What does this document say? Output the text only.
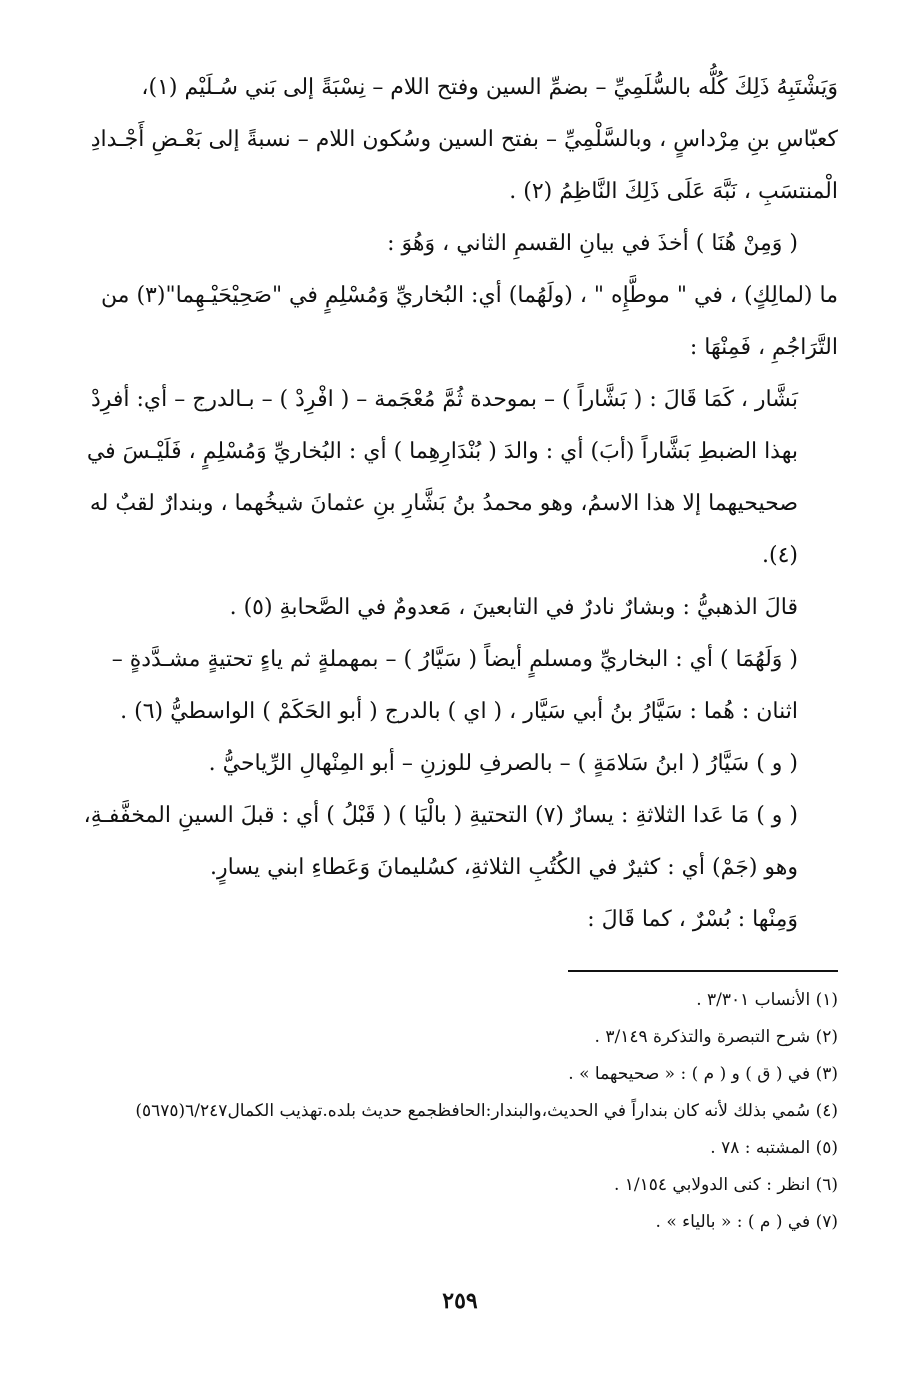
وَيَشْتَبِهُ ذَلِكَ كُلُّه بالسُّلَمِيِّ – بضمِّ السين وفتح اللام – نِسْبَةً إلى بَني سُـلَيْم (١)، كعبّاسِ بنِ مِرْداسٍ ، وبالسَّلْمِيِّ – بفتح السين وسُكون اللام – نسبةً إلى بَعْـضِ أَجْـدادِ الْمنتسَبِ ، نَبَّهَ عَلَى ذَلِكَ النَّاظِمُ (٢) .

( وَمِنْ هُنَا ) أخذَ في بيانِ القسمِ الثاني ، وَهُوَ :

ما (لمالِكٍ) ، في " موطَّإِه " ، (ولَهُما) أي: البُخاريِّ وَمُسْلِمٍ في "صَحِيْحَيْـهِما"(٣) من التَّرَاجُمِ ، فَمِنْهَا :

بَشَّار ، كَمَا قَالَ : ( بَشَّاراً ) – بموحدة ثُمَّ مُعْجَمة – ( افْرِدْ ) – بـالدرج – أي: أفرِدْ بهذا الضبطِ بَشَّاراً (أبَ) أي : والدَ ( بُنْدَارِهِما ) أي : البُخاريِّ وَمُسْلِمٍ ، فَلَيْـسَ في صحيحيهما إلا هذا الاسمُ، وهو محمدُ بنُ بَشَّارِ بنِ عثمانَ شيخُهما ، وبندارٌ لقبٌ له (٤).

قالَ الذهبيُّ : وبشارٌ نادرٌ في التابعينَ ، مَعدومٌ في الصَّحابةِ (٥) .

( وَلَهُمَا ) أي : البخاريِّ ومسلمٍ أيضاً ( سَيَّارُ ) – بمهملةٍ ثم ياءٍ تحتيةٍ مشـدَّدةٍ – اثنان : هُما : سَيَّارُ بنُ أبي سَيَّار ، ( اي ) بالدرج ( أبو الحَكَمْ ) الواسطيُّ (٦) .

( و ) سَيَّارُ ( ابنُ سَلامَةٍ ) – بالصرفِ للوزنِ – أبو المِنْهالِ الرِّياحيُّ .

( و ) مَا عَدا الثلاثةِ : يسارٌ (٧) التحتيةِ ( بالْيَا ) ( قَبْلُ ) أي : قبلَ السينِ المخفَّفـةِ، وهو (جَمْ) أي : كثيرٌ في الكُتُبِ الثلاثةِ، كسُليمانَ وَعَطاءِ ابني يسارٍ.

وَمِنْها : بُسْرٌ ، كما قَالَ :

(١) الأنساب ٣/٣٠١ .

(٢) شرح التبصرة والتذكرة ٣/١٤٩ .

(٣) في ( ق ) و ( م ) : « صحيحهما » .

(٤) سُمي بذلك لأنه كان بنداراً في الحديث،والبندار:الحافظجمع حديث بلده.تهذيب الكمال٦/٢٤٧(٥٦٧٥)

(٥) المشتبه : ٧٨ .

(٦) انظر : كنى الدولابي ١/١٥٤ .

(٧) في ( م ) : « بالياء » .

٢٥٩
